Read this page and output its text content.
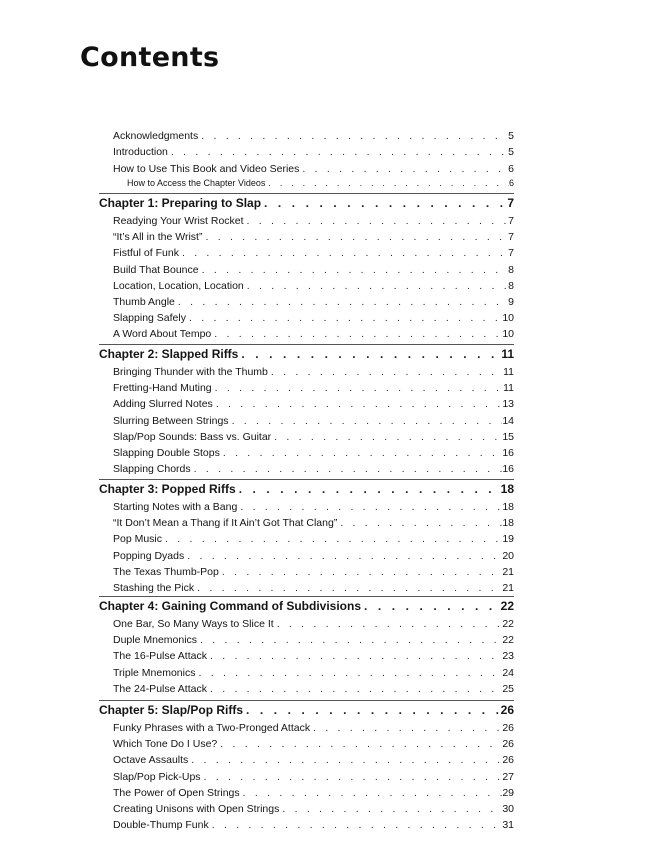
Contents
Acknowledgments . . .	5
Introduction . . .	5
How to Use This Book and Video Series . . .	6
How to Access the Chapter Videos . . .	6
Chapter 1: Preparing to Slap . . .	7
Readying Your Wrist Rocket . . .	7
“It’s All in the Wrist” . . .	7
Fistful of Funk . . .	7
Build That Bounce . . .	8
Location, Location, Location . . .	8
Thumb Angle . . .	9
Slapping Safely . . .	10
A Word About Tempo . . .	10
Chapter 2: Slapped Riffs . . .	11
Bringing Thunder with the Thumb . . .	11
Fretting-Hand Muting . . .	11
Adding Slurred Notes . . .	13
Slurring Between Strings . . .	14
Slap/Pop Sounds: Bass vs. Guitar . . .	15
Slapping Double Stops . . .	16
Slapping Chords . . .	16
Chapter 3: Popped Riffs . . .	18
Starting Notes with a Bang . . .	18
“It Don’t Mean a Thang if It Ain’t Got That Clang” . . .	18
Pop Music . . .	19
Popping Dyads . . .	20
The Texas Thumb-Pop . . .	21
Stashing the Pick . . .	21
Chapter 4: Gaining Command of Subdivisions . . .	22
One Bar, So Many Ways to Slice It . . .	22
Duple Mnemonics . . .	22
The 16-Pulse Attack . . .	23
Triple Mnemonics . . .	24
The 24-Pulse Attack . . .	25
Chapter 5: Slap/Pop Riffs . . .	26
Funky Phrases with a Two-Pronged Attack . . .	26
Which Tone Do I Use? . . .	26
Octave Assaults . . .	26
Slap/Pop Pick-Ups . . .	27
The Power of Open Strings . . .	29
Creating Unisons with Open Strings . . .	30
Double-Thump Funk . . .	31
